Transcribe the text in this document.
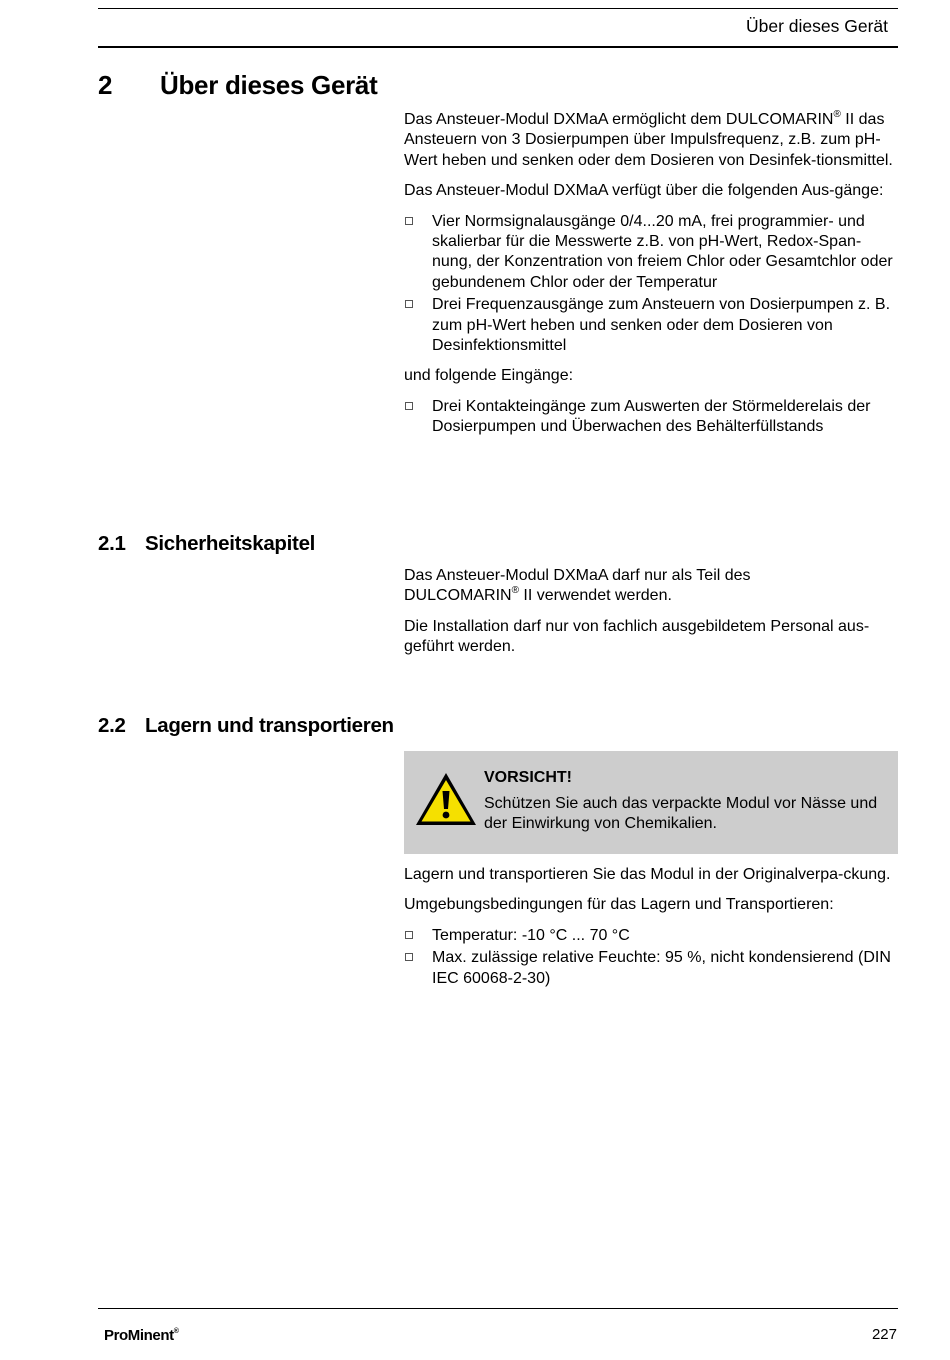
Über dieses Gerät
2 Über dieses Gerät

Das Ansteuer-Modul DXMaA ermöglicht dem DULCOMARIN® II das Ansteuern von 3 Dosierpumpen über Impulsfrequenz, z.B. zum pH-Wert heben und senken oder dem Dosieren von Desinfek-tionsmittel.

Das Ansteuer-Modul DXMaA verfügt über die folgenden Aus-gänge:

Vier Normsignalausgänge 0/4...20 mA, frei programmier- und skalierbar für die Messwerte z.B. von pH-Wert, Redox-Span-nung, der Konzentration von freiem Chlor oder Gesamtchlor oder gebundenem Chlor oder der Temperatur
Drei Frequenzausgänge zum Ansteuern von Dosierpumpen z. B. zum pH-Wert heben und senken oder dem Dosieren von Desinfektionsmittel

und folgende Eingänge:

Drei Kontakteingänge zum Auswerten der Störmelderelais der Dosierpumpen und Überwachen des Behälterfüllstands
2.1 Sicherheitskapitel

Das Ansteuer-Modul DXMaA darf nur als Teil des
DULCOMARIN® II verwendet werden.

Die Installation darf nur von fachlich ausgebildetem Personal aus-geführt werden.

2.2 Lagern und transportieren
VORSICHT!
Schützen Sie auch das verpackte Modul vor Nässe und der Einwirkung von Chemikalien.

Lagern und transportieren Sie das Modul in der Originalverpa-ckung.

Umgebungsbedingungen für das Lagern und Transportieren:

Temperatur: -10 °C ... 70 °C
Max. zulässige relative Feuchte: 95 %, nicht kondensierend (DIN IEC 60068-2-30)
ProMinent®	227
